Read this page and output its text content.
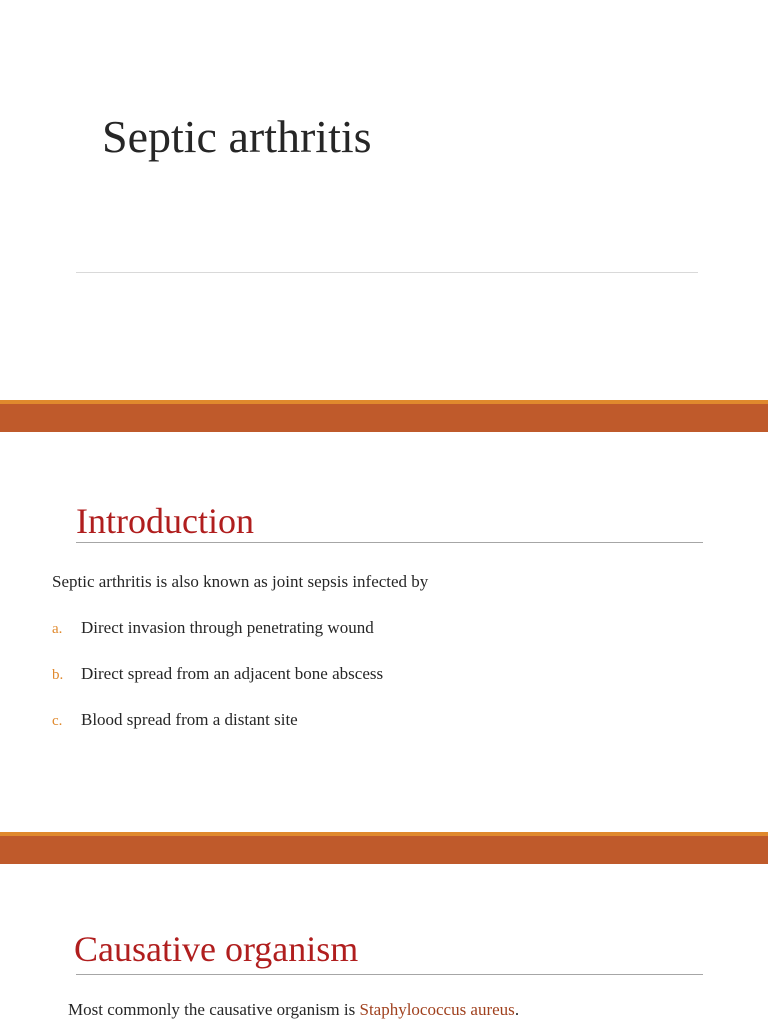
Septic arthritis
Introduction

Septic arthritis is also known as joint sepsis infected by

a. Direct invasion through penetrating wound
b. Direct spread from an adjacent bone abscess
c. Blood spread from a distant site
Causative organism

Most commonly the causative organism is Staphylococcus aureus.
